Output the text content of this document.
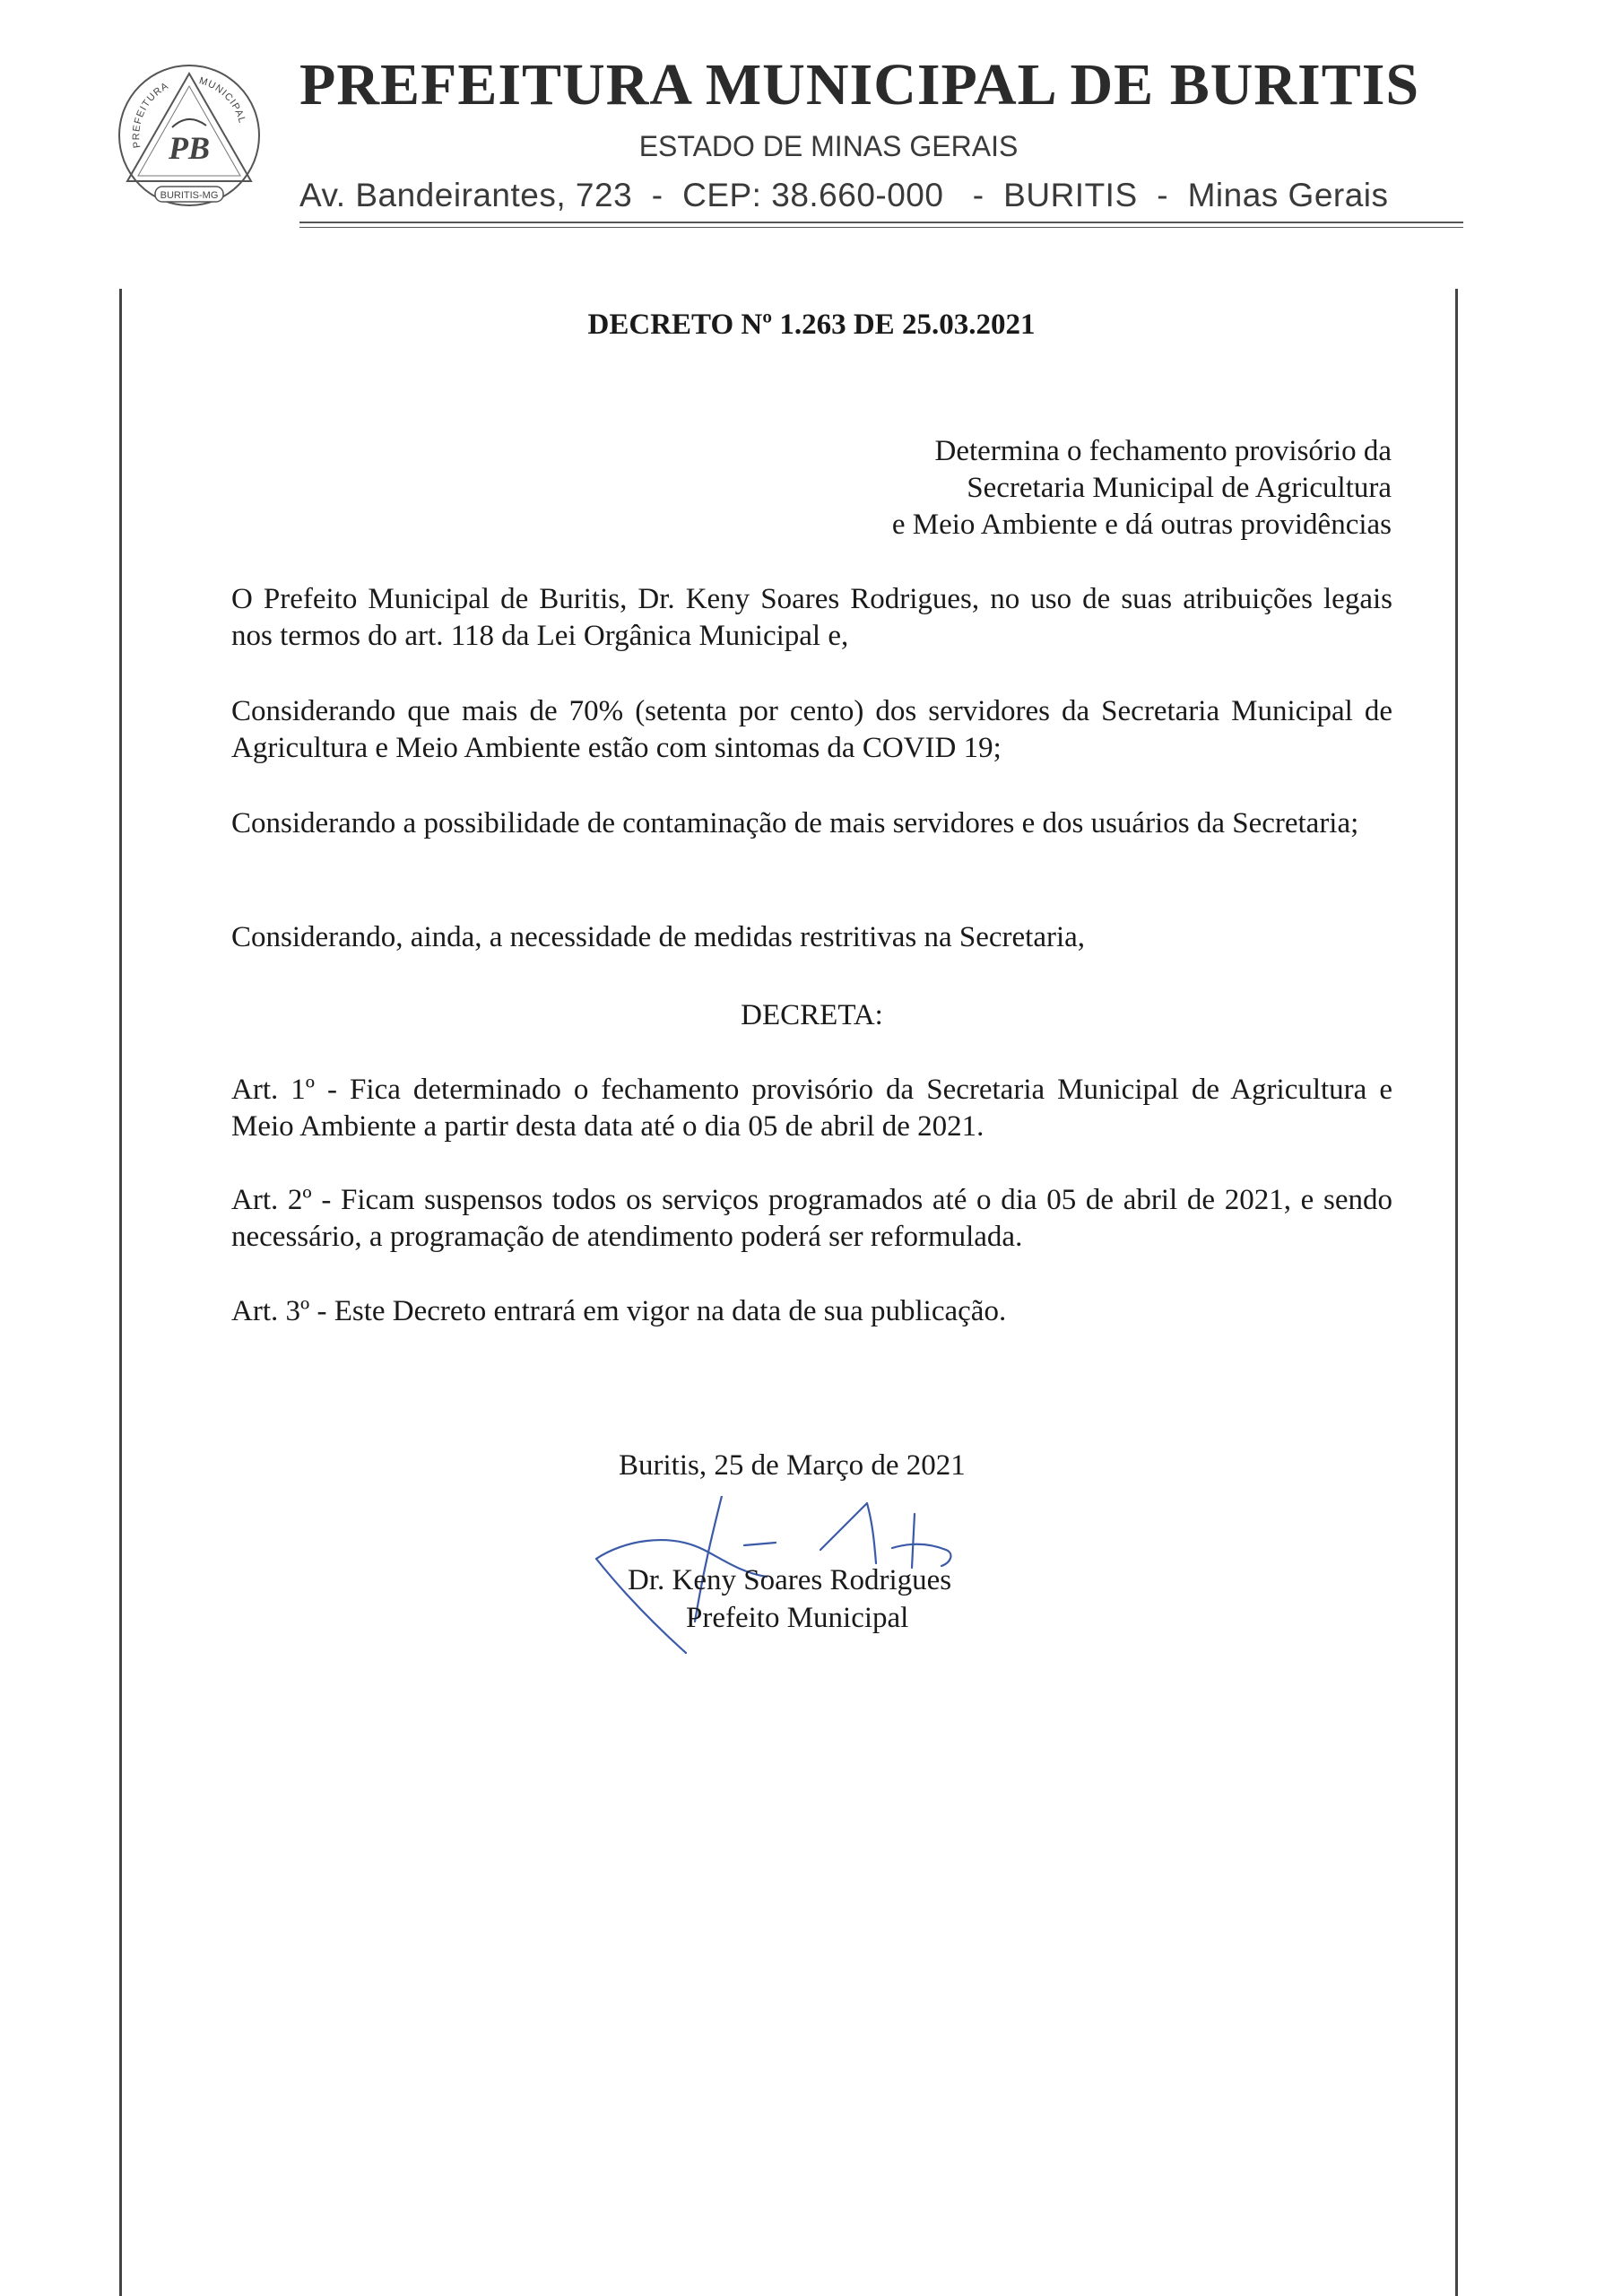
PREFEITURA	MUNICIPAL
PB
BURITIS-MG
PREFEITURA MUNICIPAL DE BURITIS
ESTADO DE MINAS GERAIS
Av. Bandeirantes, 723  -  CEP: 38.660-000   -  BURITIS  -  Minas Gerais
DECRETO Nº 1.263 DE 25.03.2021
Determina o fechamento provisório da
Secretaria Municipal de Agricultura
e Meio Ambiente e dá outras providências
O Prefeito Municipal de Buritis, Dr. Keny Soares Rodrigues, no uso de suas atribuições legais nos termos do art. 118 da Lei Orgânica Municipal e,
Considerando que mais de 70% (setenta por cento) dos servidores da Secretaria Municipal de Agricultura e Meio Ambiente estão com sintomas da COVID 19;
Considerando a possibilidade de contaminação de mais servidores e dos usuários da Secretaria;
Considerando, ainda, a necessidade de medidas restritivas na Secretaria,
DECRETA:
Art. 1º - Fica determinado o fechamento provisório da Secretaria Municipal de Agricultura e Meio Ambiente a partir desta data até o dia 05 de abril de 2021.
Art. 2º - Ficam suspensos todos os serviços programados até o dia 05 de abril de 2021, e sendo necessário, a programação de atendimento poderá ser reformulada.
Art. 3º - Este Decreto entrará em vigor na data de sua publicação.
Buritis, 25 de Março de 2021
Dr. Keny Soares Rodrigues
Prefeito Municipal
